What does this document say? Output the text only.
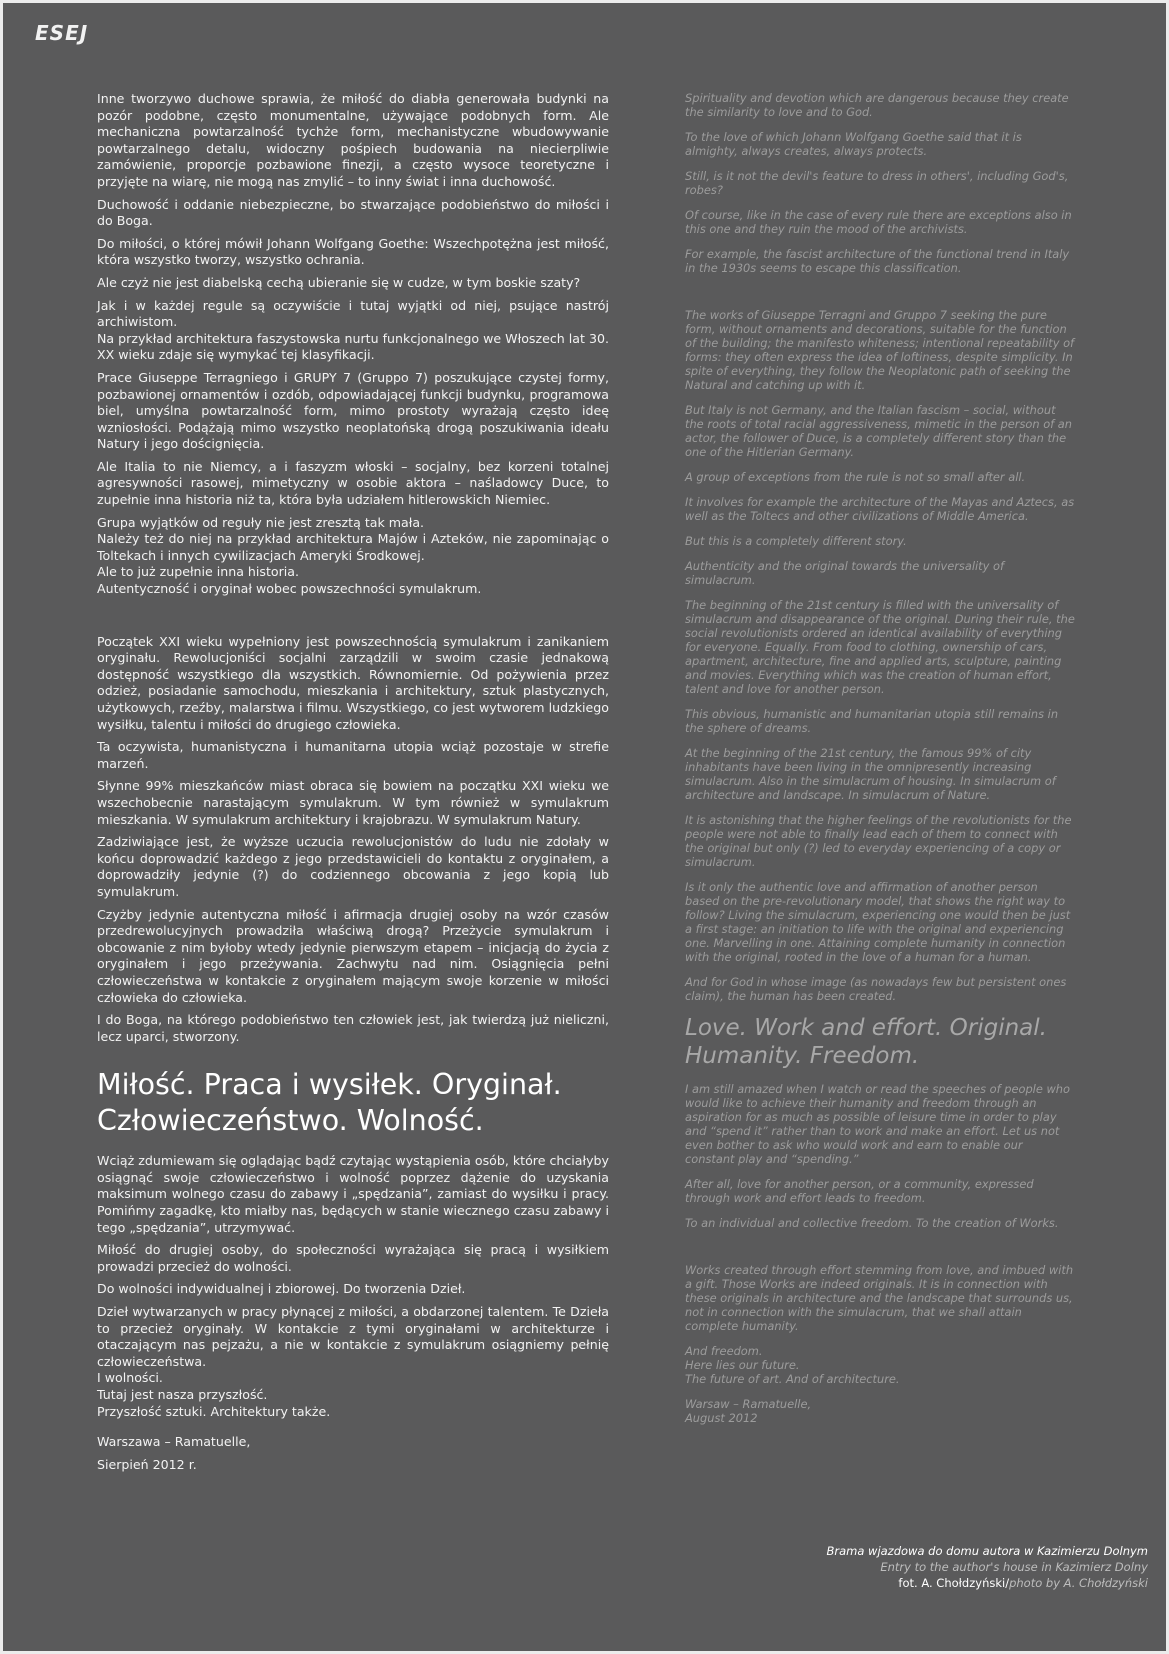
ESEJ

Inne tworzywo duchowe sprawia, że miłość do diabła generowała budynki na pozór podobne, często monumentalne, używające podobnych form. Ale mechaniczna powtarzalność tychże form, mechanistyczne wbudowywanie powtarzalnego detalu, widoczny pośpiech budowania na niecierpliwie zamówienie, proporcje pozbawione finezji, a często wysoce teoretyczne i przyjęte na wiarę, nie mogą nas zmylić – to inny świat i inna duchowość.

Duchowość i oddanie niebezpieczne, bo stwarzające podobieństwo do miłości i do Boga.

Do miłości, o której mówił Johann Wolfgang Goethe: Wszechpotężna jest miłość, która wszystko tworzy, wszystko ochrania.

Ale czyż nie jest diabelską cechą ubieranie się w cudze, w tym boskie szaty?

Jak i w każdej regule są oczywiście i tutaj wyjątki od niej, psujące nastrój archiwistom.
Na przykład architektura faszystowska nurtu funkcjonalnego we Włoszech lat 30. XX wieku zdaje się wymykać tej klasyfikacji.

Prace Giuseppe Terragniego i GRUPY 7 (Gruppo 7) poszukujące czystej formy, pozbawionej ornamentów i ozdób, odpowiadającej funkcji budynku, programowa biel, umyślna powtarzalność form, mimo prostoty wyrażają często ideę wzniosłości. Podążają mimo wszystko neoplatońską drogą poszukiwania ideału Natury i jego doścignięcia.

Ale Italia to nie Niemcy, a i faszyzm włoski – socjalny, bez korzeni totalnej agresywności rasowej, mimetyczny w osobie aktora – naśladowcy Duce, to zupełnie inna historia niż ta, która była udziałem hitlerowskich Niemiec.

Grupa wyjątków od reguły nie jest zresztą tak mała.
Należy też do niej na przykład architektura Majów i Azteków, nie zapominając o Toltekach i innych cywilizacjach Ameryki Środkowej.
Ale to już zupełnie inna historia.
Autentyczność i oryginał wobec powszechności symulakrum.

Początek XXI wieku wypełniony jest powszechnością symulakrum i zanikaniem oryginału. Rewolucjoniści socjalni zarządzili w swoim czasie jednakową dostępność wszystkiego dla wszystkich. Równomiernie. Od pożywienia przez odzież, posiadanie samochodu, mieszkania i architektury, sztuk plastycznych, użytkowych, rzeźby, malarstwa i filmu. Wszystkiego, co jest wytworem ludzkiego wysiłku, talentu i miłości do drugiego człowieka.

Ta oczywista, humanistyczna i humanitarna utopia wciąż pozostaje w strefie marzeń.

Słynne 99% mieszkańców miast obraca się bowiem na początku XXI wieku we wszechobecnie narastającym symulakrum. W tym również w symulakrum mieszkania. W symulakrum architektury i krajobrazu. W symulakrum Natury.

Zadziwiające jest, że wyższe uczucia rewolucjonistów do ludu nie zdołały w końcu doprowadzić każdego z jego przedstawicieli do kontaktu z oryginałem, a doprowadziły jedynie (?) do codziennego obcowania z jego kopią lub symulakrum.

Czyżby jedynie autentyczna miłość i afirmacja drugiej osoby na wzór czasów przedrewolucyjnych prowadziła właściwą drogą? Przeżycie symulakrum i obcowanie z nim byłoby wtedy jedynie pierwszym etapem – inicjacją do życia z oryginałem i jego przeżywania. Zachwytu nad nim. Osiągnięcia pełni człowieczeństwa w kontakcie z oryginałem mającym swoje korzenie w miłości człowieka do człowieka.

I do Boga, na którego podobieństwo ten człowiek jest, jak twierdzą już nieliczni, lecz uparci, stworzony.

Miłość. Praca i wysiłek. Oryginał.
Człowieczeństwo. Wolność.

Wciąż zdumiewam się oglądając bądź czytając wystąpienia osób, które chciałyby osiągnąć swoje człowieczeństwo i wolność poprzez dążenie do uzyskania maksimum wolnego czasu do zabawy i „spędzania”, zamiast do wysiłku i pracy. Pomińmy zagadkę, kto miałby nas, będących w stanie wiecznego czasu zabawy i tego „spędzania”, utrzymywać.

Miłość do drugiej osoby, do społeczności wyrażająca się pracą i wysiłkiem prowadzi przecież do wolności.

Do wolności indywidualnej i zbiorowej. Do tworzenia Dzieł.

Dzieł wytwarzanych w pracy płynącej z miłości, a obdarzonej talentem. Te Dzieła to przecież oryginały. W kontakcie z tymi oryginałami w architekturze i otaczającym nas pejzażu, a nie w kontakcie z symulakrum osiągniemy pełnię człowieczeństwa.
I wolności.
Tutaj jest nasza przyszłość.
Przyszłość sztuki. Architektury także.

Warszawa – Ramatuelle,

Sierpień 2012 r.

Spirituality and devotion which are dangerous because they create the similarity to love and to God.

To the love of which Johann Wolfgang Goethe said that it is almighty, always creates, always protects.

Still, is it not the devil's feature to dress in others', including God's, robes?

Of course, like in the case of every rule there are exceptions also in this one and they ruin the mood of the archivists.

For example, the fascist architecture of the functional trend in Italy in the 1930s seems to escape this classification.

The works of Giuseppe Terragni and Gruppo 7 seeking the pure form, without ornaments and decorations, suitable for the function of the building; the manifesto whiteness; intentional repeatability of forms: they often express the idea of loftiness, despite simplicity. In spite of everything, they follow the Neoplatonic path of seeking the Natural and catching up with it.

But Italy is not Germany, and the Italian fascism – social, without the roots of total racial aggressiveness, mimetic in the person of an actor, the follower of Duce, is a completely different story than the one of the Hitlerian Germany.

A group of exceptions from the rule is not so small after all.

It involves for example the architecture of the Mayas and Aztecs, as well as the Toltecs and other civilizations of Middle America.

But this is a completely different story.

Authenticity and the original towards the universality of simulacrum.

The beginning of the 21st century is filled with the universality of simulacrum and disappearance of the original. During their rule, the social revolutionists ordered an identical availability of everything for everyone. Equally. From food to clothing, ownership of cars, apartment, architecture, fine and applied arts, sculpture, painting and movies. Everything which was the creation of human effort, talent and love for another person.

This obvious, humanistic and humanitarian utopia still remains in the sphere of dreams.

At the beginning of the 21st century, the famous 99% of city inhabitants have been living in the omnipresently increasing simulacrum. Also in the simulacrum of housing. In simulacrum of architecture and landscape. In simulacrum of Nature.

It is astonishing that the higher feelings of the revolutionists for the people were not able to finally lead each of them to connect with the original but only (?) led to everyday experiencing of a copy or simulacrum.

Is it only the authentic love and affirmation of another person based on the pre-revolutionary model, that shows the right way to follow? Living the simulacrum, experiencing one would then be just a first stage: an initiation to life with the original and experiencing one. Marvelling in one. Attaining complete humanity in connection with the original, rooted in the love of a human for a human.

And for God in whose image (as nowadays few but persistent ones claim), the human has been created.

Love. Work and effort. Original.
Humanity. Freedom.

I am still amazed when I watch or read the speeches of people who would like to achieve their humanity and freedom through an aspiration for as much as possible of leisure time in order to play and “spend it” rather than to work and make an effort. Let us not even bother to ask who would work and earn to enable our constant play and “spending.”

After all, love for another person, or a community, expressed through work and effort leads to freedom.

To an individual and collective freedom. To the creation of Works.

Works created through effort stemming from love, and imbued with a gift. Those Works are indeed originals. It is in connection with these originals in architecture and the landscape that surrounds us, not in connection with the simulacrum, that we shall attain complete humanity.

And freedom.
Here lies our future.
The future of art. And of architecture.

Warsaw – Ramatuelle,
August 2012

Brama wjazdowa do domu autora w Kazimierzu Dolnym
Entry to the author's house in Kazimierz Dolny
fot. A. Chołdzyński/photo by A. Chołdzyński
